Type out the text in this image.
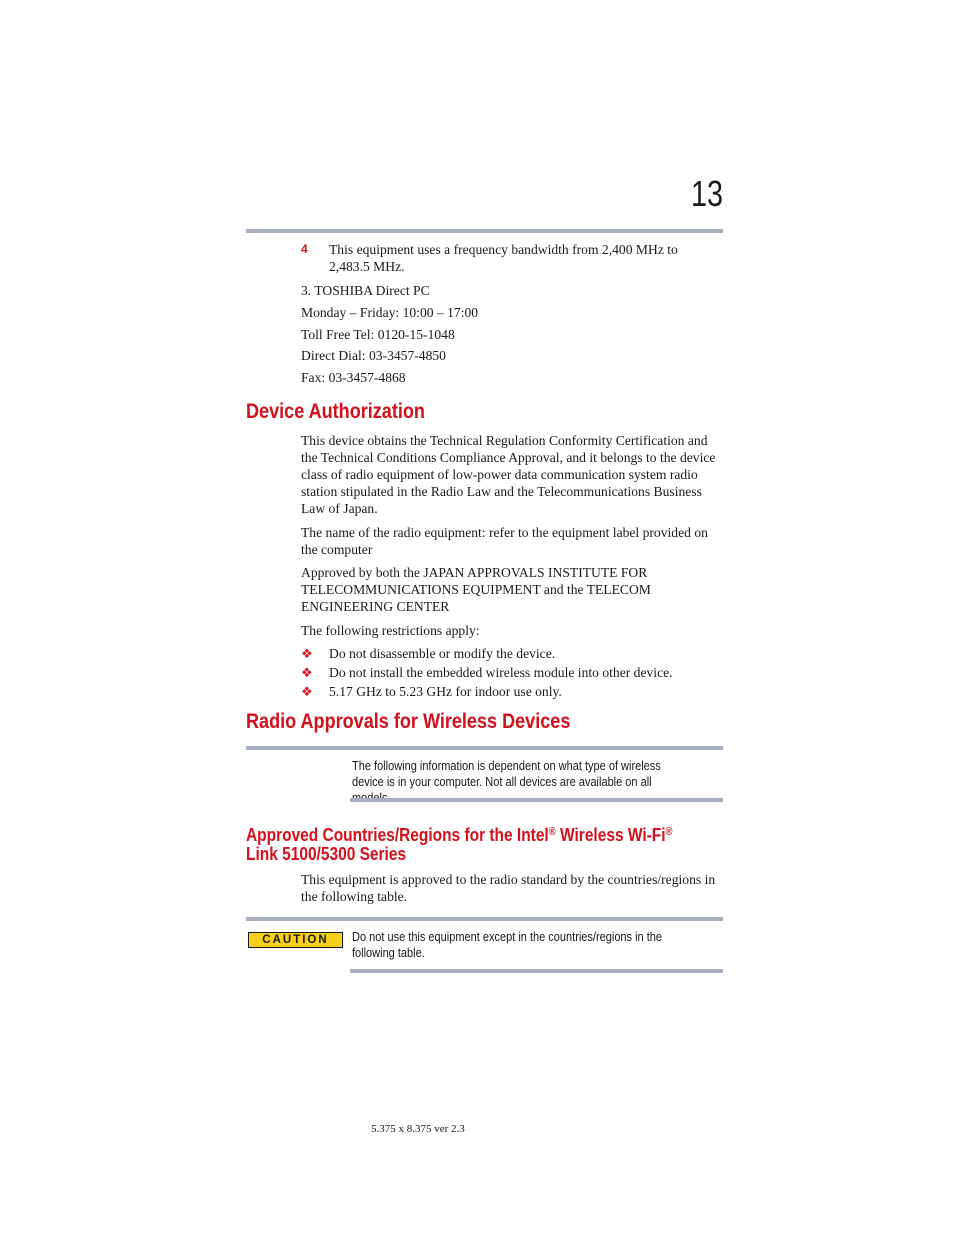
13
4 This equipment uses a frequency bandwidth from 2,400 MHz to 2,483.5 MHz.
3. TOSHIBA Direct PC
Monday – Friday: 10:00 – 17:00
Toll Free Tel: 0120-15-1048
Direct Dial: 03-3457-4850
Fax: 03-3457-4868
Device Authorization
This device obtains the Technical Regulation Conformity Certification and the Technical Conditions Compliance Approval, and it belongs to the device class of radio equipment of low-power data communication system radio station stipulated in the Radio Law and the Telecommunications Business Law of Japan.
The name of the radio equipment: refer to the equipment label provided on the computer
Approved by both the JAPAN APPROVALS INSTITUTE FOR TELECOMMUNICATIONS EQUIPMENT and the TELECOM ENGINEERING CENTER
The following restrictions apply:
❖ Do not disassemble or modify the device.
❖ Do not install the embedded wireless module into other device.
❖ 5.17 GHz to 5.23 GHz for indoor use only.
Radio Approvals for Wireless Devices
The following information is dependent on what type of wireless device is in your computer. Not all devices are available on all
Approved Countries/Regions for the Intel® Wireless Wi-Fi®
Link 5100/5300 Series
This equipment is approved to the radio standard by the countries/regions in the following table.
CAUTION	Do not use this equipment except in the countries/regions in the following table.
5.375 x 8.375 ver 2.3
